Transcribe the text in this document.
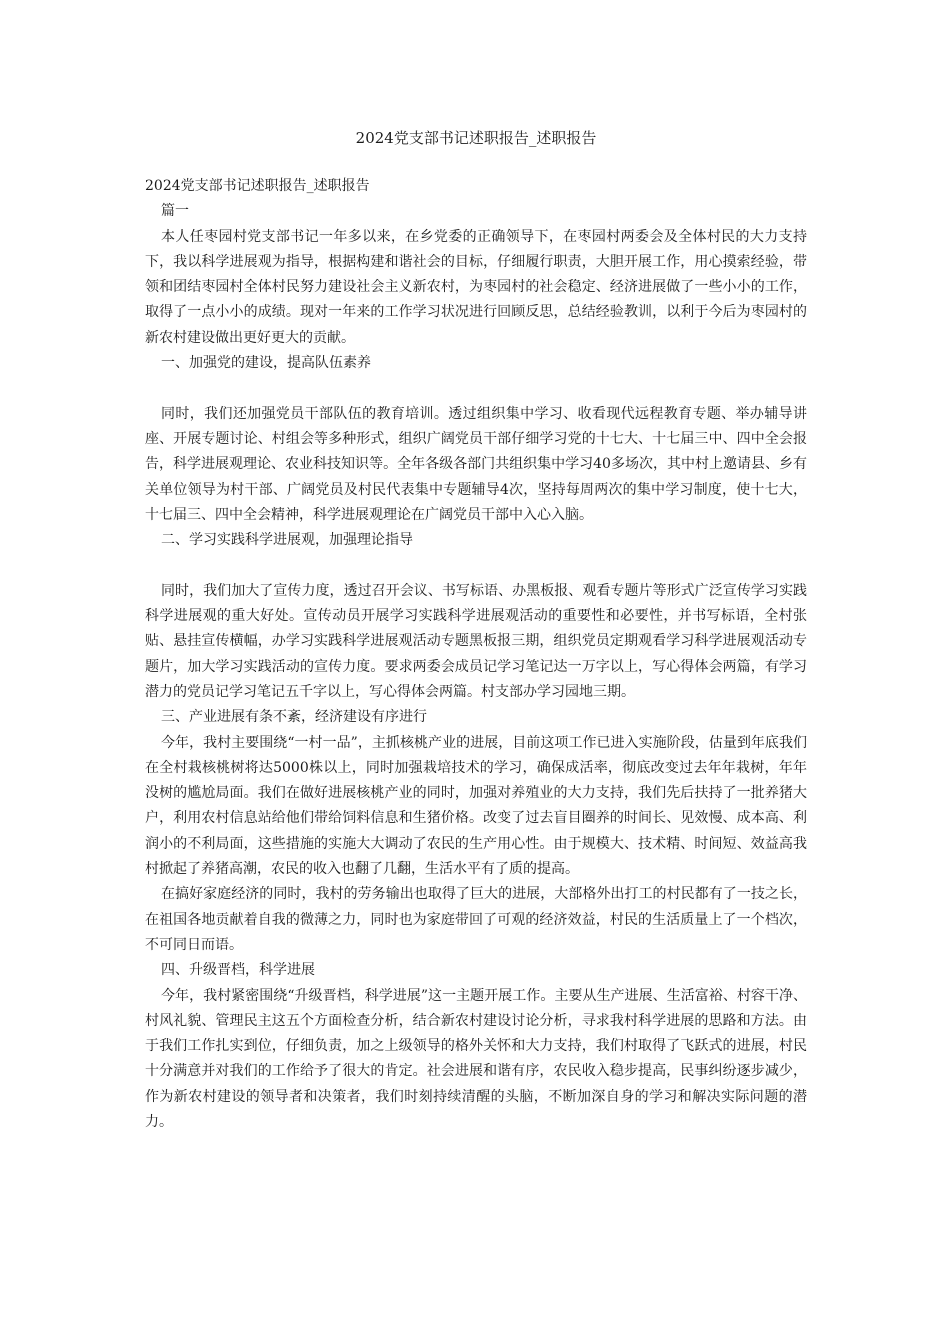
2024党支部书记述职报告_述职报告

2024党支部书记述职报告_述职报告

篇一

本人任枣园村党支部书记一年多以来，在乡党委的正确领导下，在枣园村两委会及全体村民的大力支持下，我以科学进展观为指导，根据构建和谐社会的目标，仔细履行职责，大胆开展工作，用心摸索经验，带领和团结枣园村全体村民努力建设社会主义新农村，为枣园村的社会稳定、经济进展做了一些小小的工作，取得了一点小小的成绩。现对一年来的工作学习状况进行回顾反思，总结经验教训，以利于今后为枣园村的新农村建设做出更好更大的贡献。

一、加强党的建设，提高队伍素养

同时，我们还加强党员干部队伍的教育培训。透过组织集中学习、收看现代远程教育专题、举办辅导讲座、开展专题讨论、村组会等多种形式，组织广阔党员干部仔细学习党的十七大、十七届三中、四中全会报告，科学进展观理论、农业科技知识等。全年各级各部门共组织集中学习40多场次，其中村上邀请县、乡有关单位领导为村干部、广阔党员及村民代表集中专题辅导4次，坚持每周两次的集中学习制度，使十七大，十七届三、四中全会精神，科学进展观理论在广阔党员干部中入心入脑。

二、学习实践科学进展观，加强理论指导

同时，我们加大了宣传力度，透过召开会议、书写标语、办黑板报、观看专题片等形式广泛宣传学习实践科学进展观的重大好处。宣传动员开展学习实践科学进展观活动的重要性和必要性，并书写标语，全村张贴、悬挂宣传横幅，办学习实践科学进展观活动专题黑板报三期，组织党员定期观看学习科学进展观活动专题片，加大学习实践活动的宣传力度。要求两委会成员记学习笔记达一万字以上，写心得体会两篇，有学习潜力的党员记学习笔记五千字以上，写心得体会两篇。村支部办学习园地三期。

三、产业进展有条不紊，经济建设有序进行

今年，我村主要围绕“一村一品”，主抓核桃产业的进展，目前这项工作已进入实施阶段，估量到年底我们在全村栽核桃树将达5000株以上，同时加强栽培技术的学习，确保成活率，彻底改变过去年年栽树，年年没树的尴尬局面。我们在做好进展核桃产业的同时，加强对养殖业的大力支持，我们先后扶持了一批养猪大户，利用农村信息站给他们带给饲料信息和生猪价格。改变了过去盲目圈养的时间长、见效慢、成本高、利润小的不利局面，这些措施的实施大大调动了农民的生产用心性。由于规模大、技术精、时间短、效益高我村掀起了养猪高潮，农民的收入也翻了几翻，生活水平有了质的提高。

在搞好家庭经济的同时，我村的劳务输出也取得了巨大的进展，大部格外出打工的村民都有了一技之长，在祖国各地贡献着自我的微薄之力，同时也为家庭带回了可观的经济效益，村民的生活质量上了一个档次，不可同日而语。

四、升级晋档，科学进展

今年，我村紧密围绕“升级晋档，科学进展”这一主题开展工作。主要从生产进展、生活富裕、村容干净、村风礼貌、管理民主这五个方面检查分析，结合新农村建设讨论分析，寻求我村科学进展的思路和方法。由于我们工作扎实到位，仔细负责，加之上级领导的格外关怀和大力支持，我们村取得了飞跃式的进展，村民十分满意并对我们的工作给予了很大的肯定。社会进展和谐有序，农民收入稳步提高，民事纠纷逐步减少，作为新农村建设的领导者和决策者，我们时刻持续清醒的头脑，不断加深自身的学习和解决实际问题的潜力。
